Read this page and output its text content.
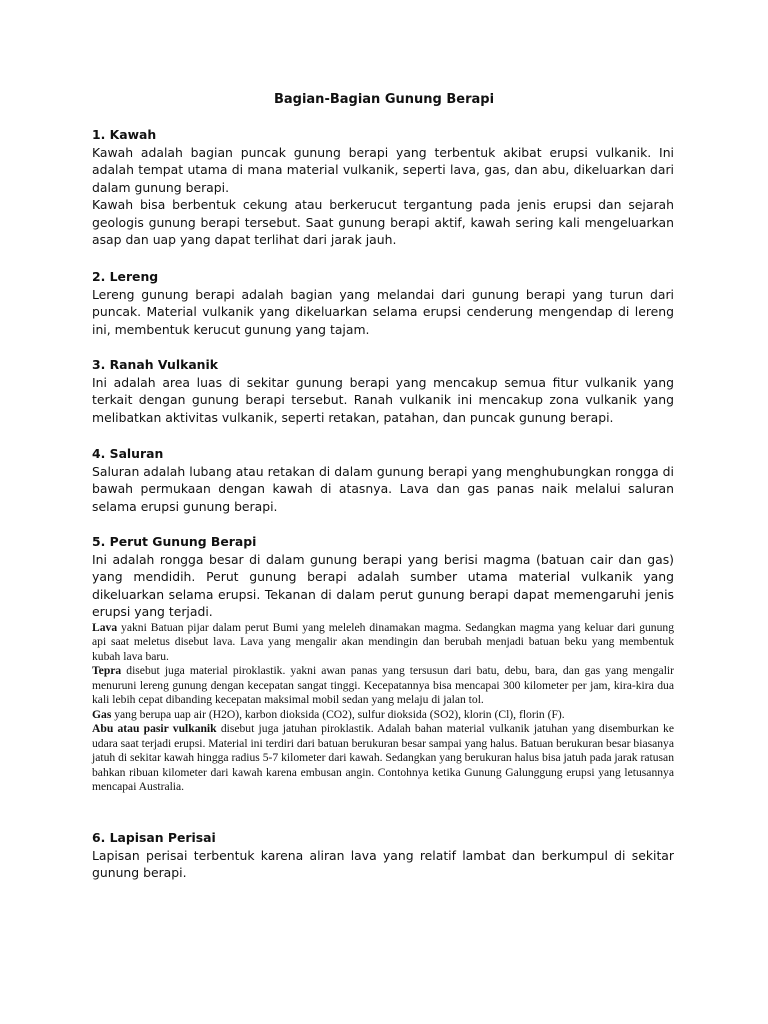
Bagian-Bagian Gunung Berapi

1. Kawah

Kawah adalah bagian puncak gunung berapi yang terbentuk akibat erupsi vulkanik. Ini adalah tempat utama di mana material vulkanik, seperti lava, gas, dan abu, dikeluarkan dari dalam gunung berapi.

Kawah bisa berbentuk cekung atau berkerucut tergantung pada jenis erupsi dan sejarah geologis gunung berapi tersebut. Saat gunung berapi aktif, kawah sering kali mengeluarkan asap dan uap yang dapat terlihat dari jarak jauh.

2. Lereng

Lereng gunung berapi adalah bagian yang melandai dari gunung berapi yang turun dari puncak. Material vulkanik yang dikeluarkan selama erupsi cenderung mengendap di lereng ini, membentuk kerucut gunung yang tajam.

3. Ranah Vulkanik

Ini adalah area luas di sekitar gunung berapi yang mencakup semua fitur vulkanik yang terkait dengan gunung berapi tersebut. Ranah vulkanik ini mencakup zona vulkanik yang melibatkan aktivitas vulkanik, seperti retakan, patahan, dan puncak gunung berapi.

4. Saluran

Saluran adalah lubang atau retakan di dalam gunung berapi yang menghubungkan rongga di bawah permukaan dengan kawah di atasnya. Lava dan gas panas naik melalui saluran selama erupsi gunung berapi.

5. Perut Gunung Berapi

Ini adalah rongga besar di dalam gunung berapi yang berisi magma (batuan cair dan gas) yang mendidih. Perut gunung berapi adalah sumber utama material vulkanik yang dikeluarkan selama erupsi. Tekanan di dalam perut gunung berapi dapat memengaruhi jenis erupsi yang terjadi.

Lava yakni Batuan pijar dalam perut Bumi yang meleleh dinamakan magma. Sedangkan magma yang keluar dari gunung api saat meletus disebut lava. Lava yang mengalir akan mendingin dan berubah menjadi batuan beku yang membentuk kubah lava baru.

Tepra disebut juga material piroklastik. yakni awan panas yang tersusun dari batu, debu, bara, dan gas yang mengalir menuruni lereng gunung dengan kecepatan sangat tinggi. Kecepatannya bisa mencapai 300 kilometer per jam, kira-kira dua kali lebih cepat dibanding kecepatan maksimal mobil sedan yang melaju di jalan tol.

Gas yang berupa uap air (H2O), karbon dioksida (CO2), sulfur dioksida (SO2), klorin (Cl), florin (F).

Abu atau pasir vulkanik disebut juga jatuhan piroklastik. Adalah bahan material vulkanik jatuhan yang disemburkan ke udara saat terjadi erupsi. Material ini terdiri dari batuan berukuran besar sampai yang halus. Batuan berukuran besar biasanya jatuh di sekitar kawah hingga radius 5-7 kilometer dari kawah. Sedangkan yang berukuran halus bisa jatuh pada jarak ratusan bahkan ribuan kilometer dari kawah karena embusan angin. Contohnya ketika Gunung Galunggung erupsi yang letusannya mencapai Australia.

6. Lapisan Perisai

Lapisan perisai terbentuk karena aliran lava yang relatif lambat dan berkumpul di sekitar gunung berapi.
